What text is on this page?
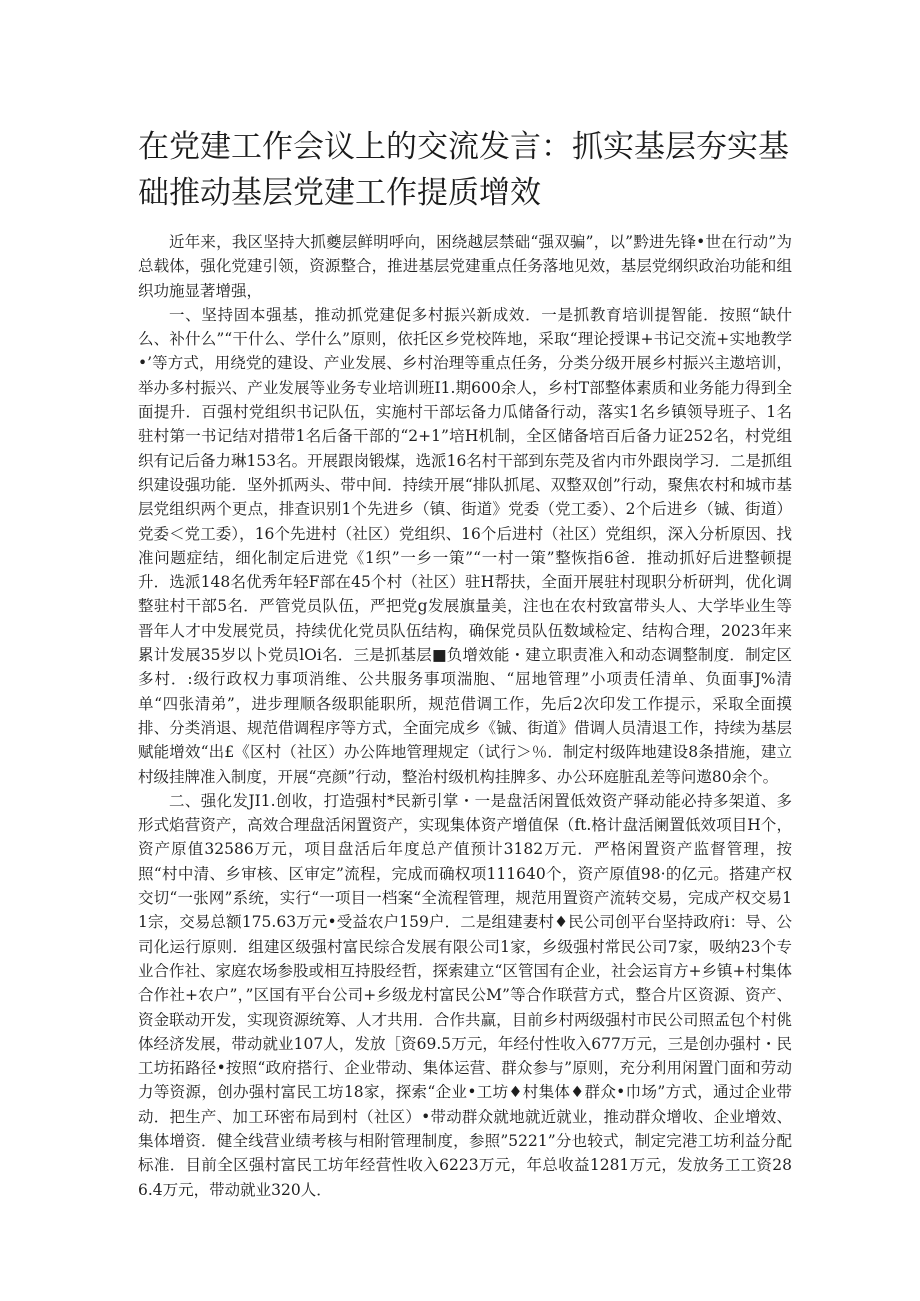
在党建工作会议上的交流发言：抓实基层夯实基础推动基层党建工作提质增效

近年来，我区坚持大抓夔层鲜明呼向，困绕越层禁础“强双骗”，以”黔进先锋•世在行动”为总载体，强化党建引领，资源整合，推进基层党建重点任务落地见效，基层党纲织政治功能和组织功施显著增强，

一、坚持固本强基，推动抓党建促多村振兴新成效．一是抓教育培训提智能．按照“缺什么、补什么”“干什么、学什么”原则，依托区乡党校阵地，采取“理论授课+书记交流+实地教学•’等方式，用绕党的建设、产业发展、乡村治理等重点任务，分类分级开展乡村振兴主遨培训，举办多村振兴、产业发展等业务专业培训班I1.期600余人，乡村T部整体素质和业务能力得到全面提升．百强村党组织书记队伍，实施村干部坛备力瓜储备行动，落实1名乡镇领导班子、1名驻村第一书记结对措带1名后备干部的“2+1”培H机制，全区储备培百后备力证252名，村党组织有记后备力琳153名。开展跟岗锻煤，选派16名村干部到东莞及省内市外跟岗学习．二是抓组织建设强功能．坚外抓两头、带中间．持续开展“排队抓尾、双整双创”行动，聚焦农村和城市基层党组织两个更点，排查识别1个先进乡（镇、街道》党委（党工委）、2个后进乡（铖、街道）党委＜党工委），16个先进村（社区）党组织、16个后进村（社区）党组织，深入分析原因、找准问题症结，细化制定后进党《1织”一乡一策”“一村一策”整恢指6爸．推动抓好后进整顿提升．选派148名优秀年轻F部在45个村（社区）驻H帮扶，全面开展驻村现职分析研判，优化调整驻村干部5名．严管党员队伍，严把党g发展旗量美，注也在农村致富带头人、大学毕业生等晋年人才中发展党员，持续优化党员队伍结构，确保党员队伍数域检定、结构合理，2023年来累计发展35岁以卜党员lOi名．三是抓基层■负增效能・建立职责准入和动态调整制度．制定区多村．:级行政权力事项消维、公共服务事项湍胞、“屈地管理”小项责任清单、负面事J%清单“四张清弟”，进步理顺各级职能职所，规范借调工作，先后2次印发工作提示，采取全面摸排、分类消退、规范借调程序等方式，全面完成乡《铖、街道》借调人员清退工作，持续为基层赋能增效“出£《区村（社区）办公阵地管理规定（试行＞％．制定村级阵地建设8条措施，建立村级挂牌准入制度，开展“亮颜”行动，整治村级机构挂脾多、办公环庭脏乱差等问遨80余个。

二、强化发JI1.创收，打造强村*民新引掌・一是盘活闲置低效资产驿动能必持多架道、多形式焰营资产，高效合理盘活闲置资产，实现集体资产增值保（ft.格计盘活阑置低效项目H个，资产原值32586万元，项目盘活后年度总产值预计3182万元．严格闲置资产监督管理，按照“村中清、乡审核、区审定”流程，完成而确权项111640个，资产原值98·的亿元。搭建产权交切“一张网”系统，实行“一项目一档案“全流程管理，规范用置资产流转交易，完成产权交易11宗，交易总额175.63万元•受益农户159户．二是组建妻村♦民公司创平台坚持政府i：导、公司化运行原则．组建区级强村富民综合发展有限公司1家，乡级强村常民公司7家，吸纳23个专业合作社、家庭农场参股或相互持股经哲，探索建立“区管国有企业，社会运肓方+乡镇+村集体合作社+农户”，”区国有平台公司+乡级龙村富民公M”等合作联营方式，整合片区资源、资产、资金联动开发，实现资源统筹、人才共用．合作共赢，目前乡村两级强村市民公司照孟包个村佻体经济发展，带动就业107人，发放［资69.5万元，年经付性收入677万元，三是创办强村・民工坊拓路径•按照“政府搭行、企业带动、集体运营、群众参与”原则，充分利用闲置门面和劳动力等资源，创办强村富民工坊18家，探索“企业•工坊♦村集体♦群众•巾场”方式，通过企业带动．把生产、加工环密布局到村（社区）•带动群众就地就近就业，推动群众增收、企业增效、集体增资．健全线营业绩考核与相附管理制度，参照”5221”分也较式，制定完港工坊利益分配标准．目前全区强村富民工坊年经营性收入6223万元，年总收益1281万元，发放务工工资286.4万元，带动就业320人．
